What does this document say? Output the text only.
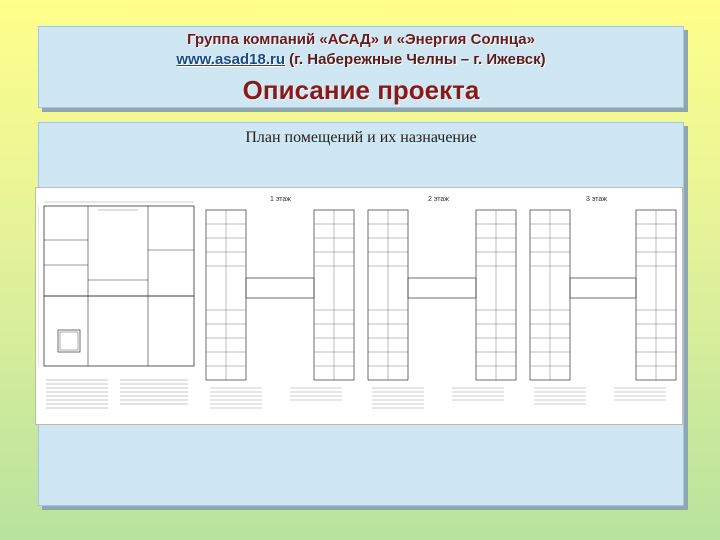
Группа компаний «АСАД» и «Энергия Солнца»
www.asad18.ru (г. Набережные Челны – г. Ижевск)
Описание проекта
План помещений и их назначение
1 этаж	2 этаж	3 этаж
